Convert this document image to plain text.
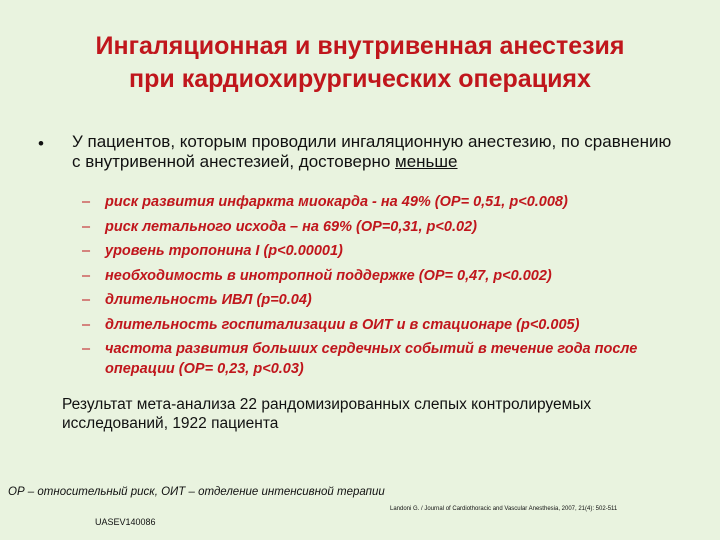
Ингаляционная и внутривенная анестезия
при кардиохирургических операциях
• У пациентов, которым проводили ингаляционную анестезию, по сравнению с внутривенной анестезией, достоверно меньше
– риск развития инфаркта миокарда - на 49% (ОР= 0,51, p<0.008)
– риск летального исхода – на 69% (ОР=0,31, p<0.02)
– уровень тропонина I (p<0.00001)
– необходимость в инотропной поддержке (ОР= 0,47, p<0.002)
– длительность ИВЛ (p=0.04)
– длительность госпитализации в ОИТ и в стационаре (p<0.005)
– частота развития больших сердечных событий в течение года после операции (ОР= 0,23, p<0.03)
Результат мета-анализа 22 рандомизированных слепых контролируемых исследований, 1922 пациента
ОР – относительный риск, ОИТ – отделение интенсивной терапии
Landoni G. / Journal of Cardiothoracic and Vascular Anesthesia, 2007, 21(4): 502-511
UASEV140086
